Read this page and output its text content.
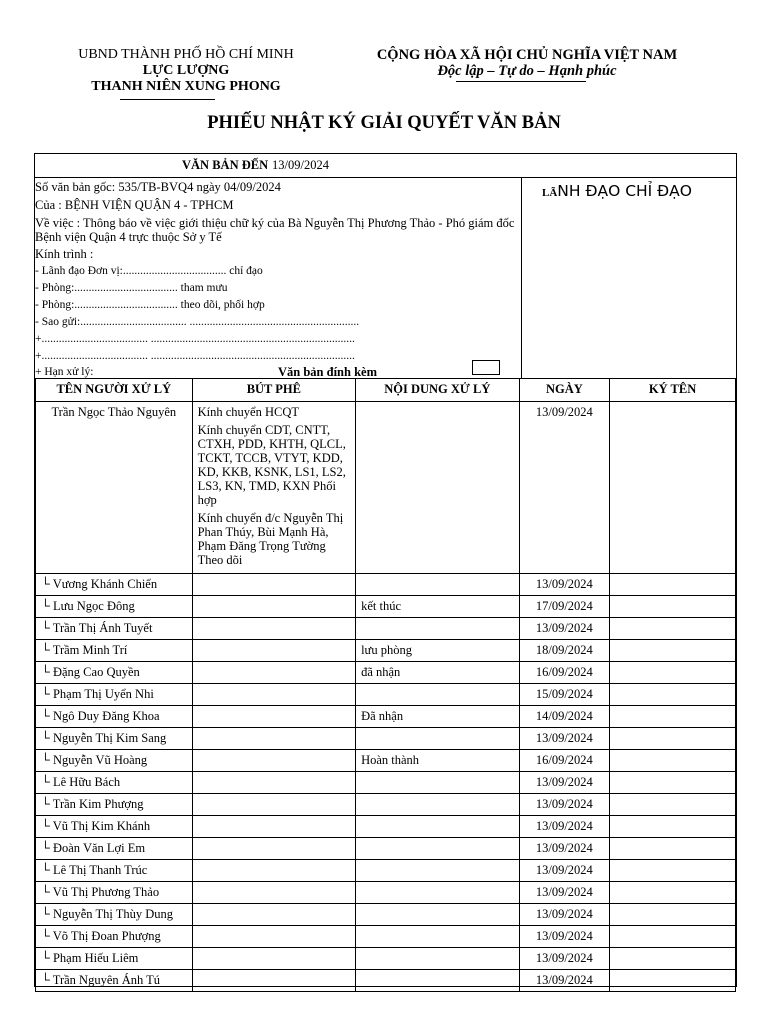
UBND THÀNH PHỐ HỒ CHÍ MINH
LỰC LƯỢNG
THANH NIÊN XUNG PHONG
CỘNG HÒA XÃ HỘI CHỦ NGHĨA VIỆT NAM
Độc lập – Tự do – Hạnh phúc
PHIẾU NHẬT KÝ GIẢI QUYẾT VĂN BẢN
VĂN BẢN ĐẾN 13/09/2024
Số văn bản gốc: 535/TB-BVQ4 ngày 04/09/2024
Của : BỆNH VIỆN QUẬN 4 - TPHCM
Về việc : Thông báo về việc giới thiệu chữ ký của Bà Nguyễn Thị Phương Thảo - Phó giám đốc Bệnh viện Quận 4 trực thuộc Sở y Tế
Kính trình :
- Lãnh đạo Đơn vị:.................................... chỉ đạo
- Phòng:.................................... tham mưu
- Phòng:.................................... theo dõi, phối hợp
- Sao gửi:..................................... ...........................................................
+..................................... .......................................................................
+..................................... .......................................................................
+ Hạn xử lý:	Văn bản đính kèm
LÃNH ĐẠO CHỈ ĐẠO
TÊN NGƯỜI XỬ LÝ	BÚT PHÊ	NỘI DUNG XỬ LÝ	NGÀY	KÝ TÊN
Trần Ngọc Thảo Nguyên	Kính chuyển HCQT
Kính chuyển CDT, CNTT, CTXH, PDD, KHTH, QLCL, TCKT, TCCB, VTYT, KDD, KD, KKB, KSNK, LS1, LS2, LS3, KN, TMD, KXN Phối hợp
Kính chuyển đ/c Nguyễn Thị Phan Thúy, Bùi Mạnh Hà, Phạm Đăng Trọng Tường Theo dõi		13/09/2024	
└ Vương Khánh Chiến			13/09/2024	
└ Lưu Ngọc Đông		kết thúc	17/09/2024	
└ Trần Thị Ánh Tuyết			13/09/2024	
└ Trầm Minh Trí		lưu phòng	18/09/2024	
└ Đặng Cao Quyền		đã nhận	16/09/2024	
└ Phạm Thị Uyển Nhi			15/09/2024	
└ Ngô Duy Đăng Khoa		Đã nhận	14/09/2024	
└ Nguyễn Thị Kim Sang			13/09/2024	
└ Nguyễn Vũ Hoàng		Hoàn thành	16/09/2024	
└ Lê Hữu Bách			13/09/2024	
└ Trần Kim Phượng			13/09/2024	
└ Vũ Thị Kim Khánh			13/09/2024	
└ Đoàn Văn Lợi Em			13/09/2024	
└ Lê Thị Thanh Trúc			13/09/2024	
└ Vũ Thị Phương Thảo			13/09/2024	
└ Nguyễn Thị Thùy Dung			13/09/2024	
└ Võ Thị Đoan Phượng			13/09/2024	
└ Phạm Hiếu Liêm			13/09/2024	
└ Trần Nguyên Ánh Tú			13/09/2024	
